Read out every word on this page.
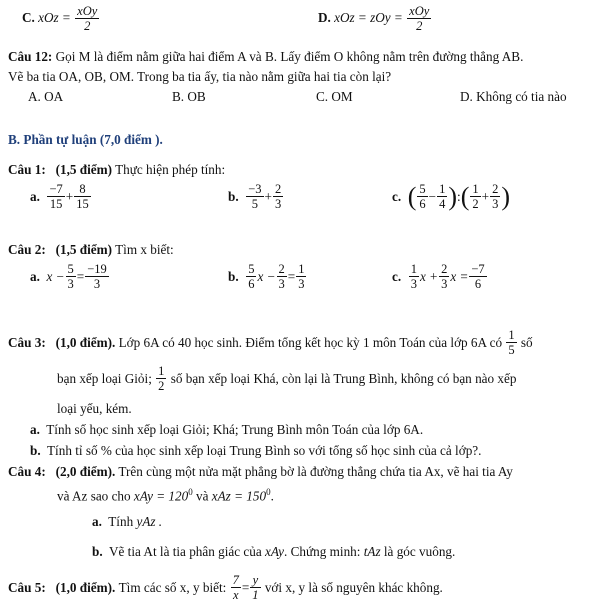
C. xOz = $\frac{\text{xOy}}{2}$	D. xOz = zOy = $\frac{\text{xOy}}{2}$
Câu 12: Gọi M là điểm nằm giữa hai điểm A và B. Lấy điểm O không nằm trên đường thẳng AB.
Vẽ ba tia OA, OB, OM. Trong ba tia ấy, tia nào nằm giữa hai tia còn lại?
A. OA	B. OB	C. OM	D. Không có tia nào
B. Phần tự luận (7,0 điểm ).
Câu 1: (1,5 điểm) Thực hiện phép tính:
a. $\frac{-7}{15} + \frac{8}{15}$	b. $\frac{-3}{5} + \frac{2}{3}$	c. ( $\frac{5}{6} - \frac{1}{4}$ ):( $\frac{1}{2} + \frac{2}{3}$ )
Câu 2: (1,5 điểm) Tìm x biết:
a. $x - \frac{5}{3} = \frac{-19}{3}$	b. $\frac{5}{6}$ $x - \frac{2}{3} = \frac{1}{3}$	c. $\frac{1}{3}$ $x + \frac{2}{3}$ $x = \frac{-7}{6}$
Câu 3: (1,0 điểm). Lớp 6A có 40 học sinh. Điểm tổng kết học kỳ 1 môn Toán của lớp 6A có $\frac{1}{5}$ số
bạn xếp loại Giỏi; $\frac{1}{2}$ số bạn xếp loại Khá, còn lại là Trung Bình, không có bạn nào xếp
loại yếu, kém.
a. Tính số học sinh xếp loại Giỏi; Khá; Trung Bình môn Toán của lớp 6A.
b. Tính tỉ số % của học sinh xếp loại Trung Bình so với tổng số học sinh của cả lớp?.
Câu 4: (2,0 điểm). Trên cùng một nửa mặt phẳng bờ là đường thẳng chứa tia Ax, vẽ hai tia Ay
và Az sao cho xAy = $120^0$ và xAz = $150^0$.
a. Tính yAz .
b. Vẽ tia At là tia phân giác của xAy. Chứng minh: tAz là góc vuông.
Câu 5: (1,0 điểm). Tìm các số x, y biết: $\frac{7}{x} = \frac{y}{1}$ với x, y là số nguyên khác không.
